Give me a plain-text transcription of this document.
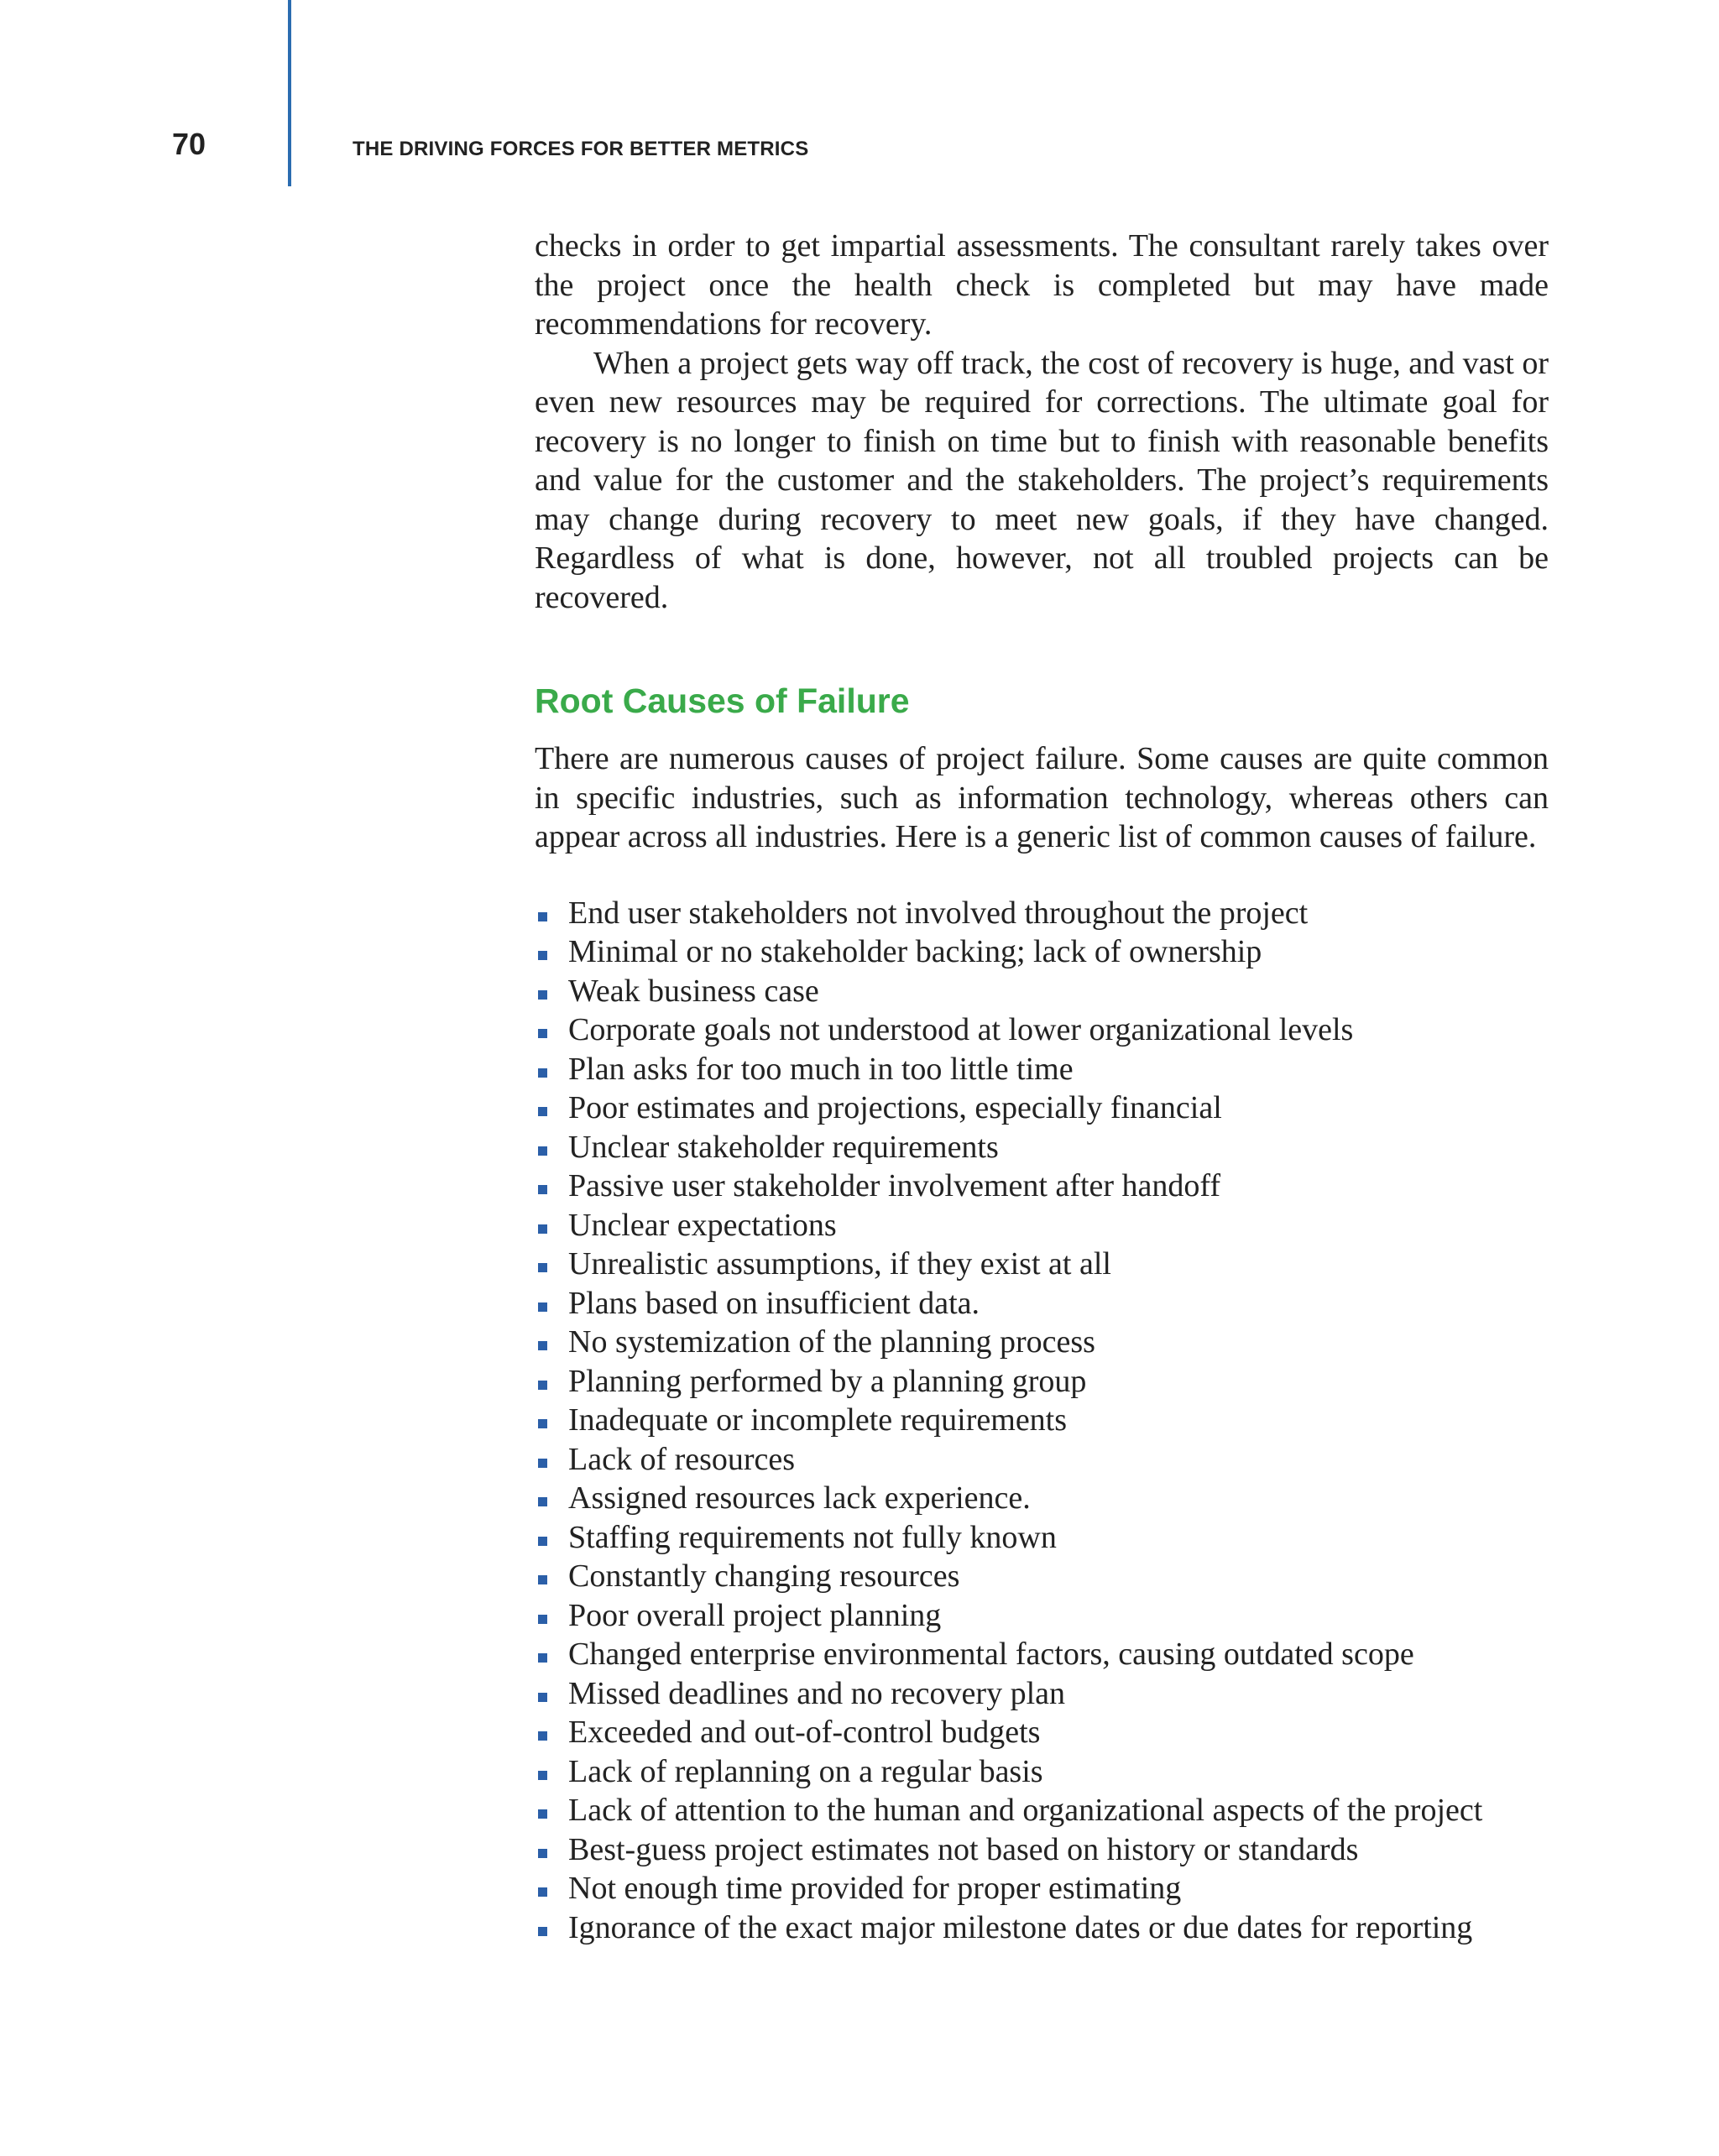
70	THE DRIVING FORCES FOR BETTER METRICS

checks in order to get impartial assessments. The consultant rarely takes over the project once the health check is completed but may have made recommendations for recovery.

When a project gets way off track, the cost of recovery is huge, and vast or even new resources may be required for corrections. The ultimate goal for recovery is no longer to finish on time but to finish with reasonable benefits and value for the customer and the stakeholders. The project’s requirements may change during recovery to meet new goals, if they have changed. Regardless of what is done, however, not all troubled projects can be recovered.

Root Causes of Failure

There are numerous causes of project failure. Some causes are quite common in specific industries, such as information technology, whereas others can appear across all industries. Here is a generic list of common causes of failure.

End user stakeholders not involved throughout the project
Minimal or no stakeholder backing; lack of ownership
Weak business case
Corporate goals not understood at lower organizational levels
Plan asks for too much in too little time
Poor estimates and projections, especially financial
Unclear stakeholder requirements
Passive user stakeholder involvement after handoff
Unclear expectations
Unrealistic assumptions, if they exist at all
Plans based on insufficient data.
No systemization of the planning process
Planning performed by a planning group
Inadequate or incomplete requirements
Lack of resources
Assigned resources lack experience.
Staffing requirements not fully known
Constantly changing resources
Poor overall project planning
Changed enterprise environmental factors, causing outdated scope
Missed deadlines and no recovery plan
Exceeded and out-of-control budgets
Lack of replanning on a regular basis
Lack of attention to the human and organizational aspects of the project
Best-guess project estimates not based on history or standards
Not enough time provided for proper estimating
Ignorance of the exact major milestone dates or due dates for reporting
